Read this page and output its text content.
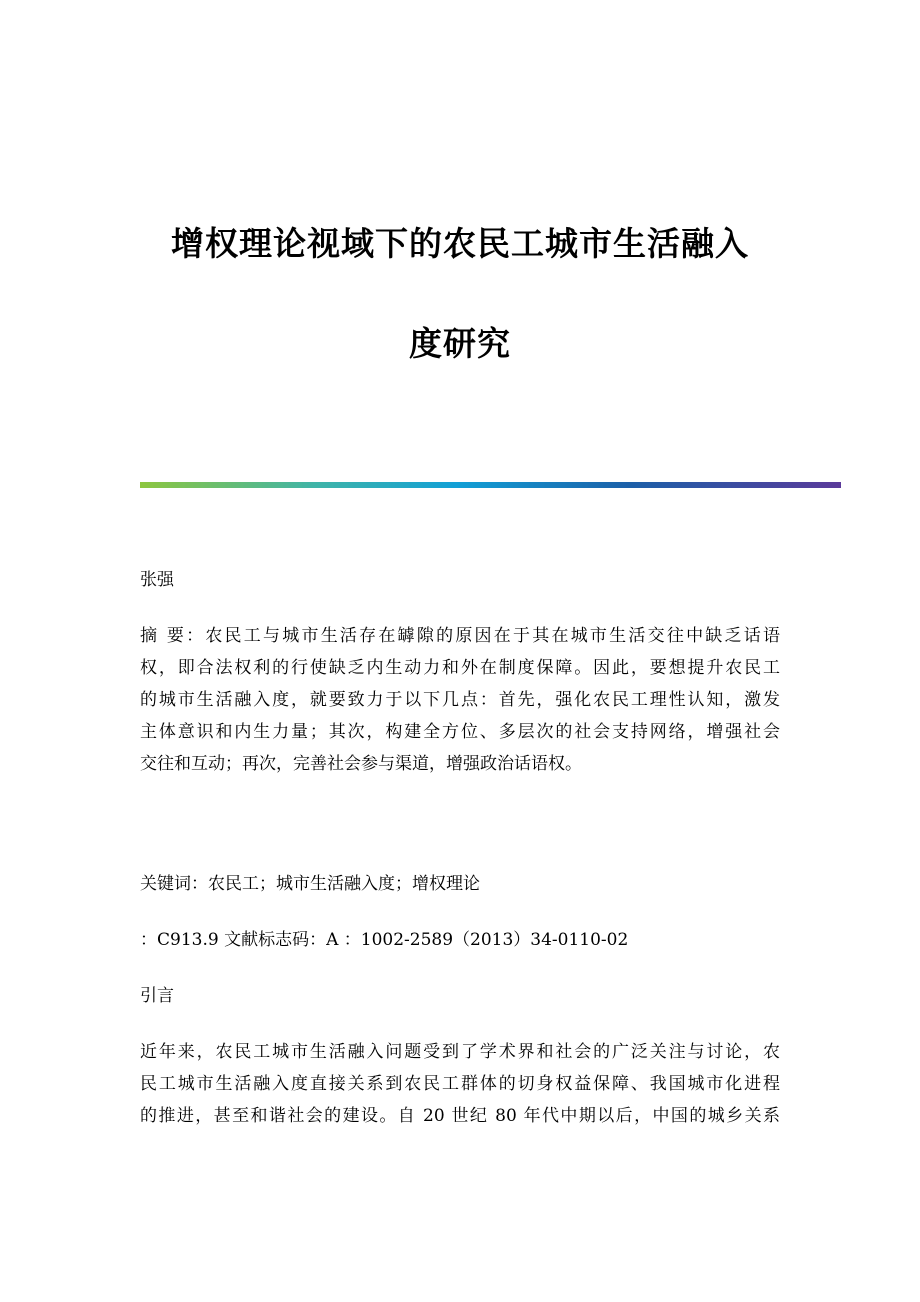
增权理论视域下的农民工城市生活融入
度研究
张强
摘 要：农民工与城市生活存在罅隙的原因在于其在城市生活交往中缺乏话语
权，即合法权利的行使缺乏内生动力和外在制度保障。因此，要想提升农民工
的城市生活融入度，就要致力于以下几点：首先，强化农民工理性认知，激发
主体意识和内生力量；其次，构建全方位、多层次的社会支持网络，增强社会
交往和互动；再次，完善社会参与渠道，增强政治话语权。
关键词：农民工；城市生活融入度；增权理论
：C913.9 文献标志码：A ：1002-2589（2013）34-0110-02
引言
近年来，农民工城市生活融入问题受到了学术界和社会的广泛关注与讨论，农
民工城市生活融入度直接关系到农民工群体的切身权益保障、我国城市化进程
的推进，甚至和谐社会的建设。自 20 世纪 80 年代中期以后，中国的城乡关系
